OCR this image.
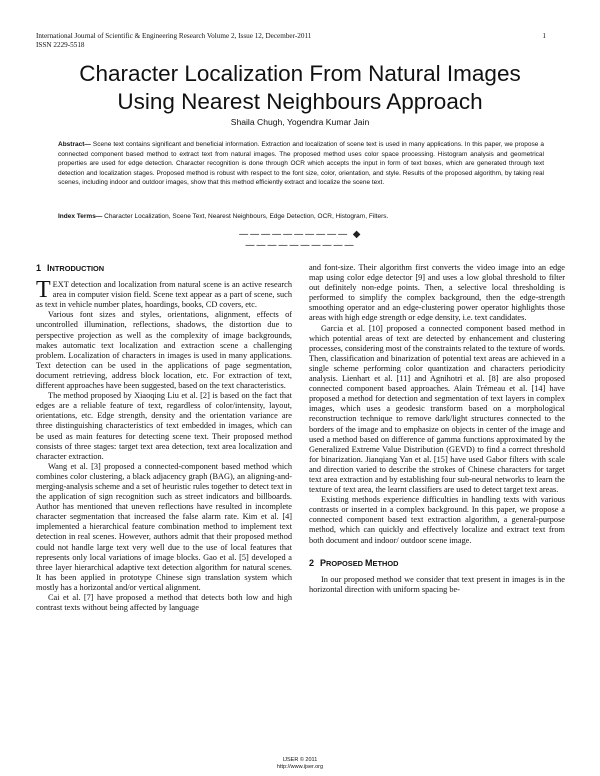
International Journal of Scientific & Engineering Research Volume 2, Issue 12, December-2011
ISSN 2229-5518
1
Character Localization From Natural Images
Using Nearest Neighbours Approach
Shaila Chugh, Yogendra Kumar Jain
Abstract— Scene text contains significant and beneficial information. Extraction and localization of scene text is used in many applications. In this paper, we propose a connected component based method to extract text from natural images. The proposed method uses color space processing. Histogram analysis and geometrical properties are used for edge detection. Character recognition is done through OCR which accepts the input in form of text boxes, which are generated through text detection and localization stages. Proposed method is robust with respect to the font size, color, orientation, and style. Results of the proposed algorithm, by taking real scenes, including indoor and outdoor images, show that this method efficiently extract and localize the scene text.
Index Terms— Character Localization, Scene Text, Nearest Neighbours, Edge Detection, OCR, Histogram, Filters.
—————————— ◆ ——————————
1 INTRODUCTION

TEXT detection and localization from natural scene is an active research area in computer vision field. Scene text appear as a part of scene, such as text in vehicle number plates, hoardings, books, CD covers, etc.

Various font sizes and styles, orientations, alignment, effects of uncontrolled illumination, reflections, shadows, the distortion due to perspective projection as well as the complexity of image backgrounds, makes automatic text localization and extraction scene a challenging problem. Localization of characters in images is used in many applications. Text detection can be used in the applications of page segmentation, document retrieving, address block location, etc. For extraction of text, different approaches have been suggested, based on the text characteristics.

The method proposed by Xiaoqing Liu et al. [2] is based on the fact that edges are a reliable feature of text, regardless of color/intensity, layout, orientations, etc. Edge strength, density and the orientation variance are three distinguishing characteristics of text embedded in images, which can be used as main features for detecting scene text. Their proposed method consists of three stages: target text area detection, text area localization and character extraction.

Wang et al. [3] proposed a connected-component based method which combines color clustering, a black adjacency graph (BAG), an aligning-and-merging-analysis scheme and a set of heuristic rules together to detect text in the application of sign recognition such as street indicators and billboards. Author has mentioned that uneven reflections have resulted in incomplete character segmentation that increased the false alarm rate. Kim et al. [4] implemented a hierarchical feature combination method to implement text detection in real scenes. However, authors admit that their proposed method could not handle large text very well due to the use of local features that represents only local variations of image blocks. Gao et al. [5] developed a three layer hierarchical adaptive text detection algorithm for natural scenes. It has been applied in prototype Chinese sign translation system which mostly has a horizontal and/or vertical alignment.

Cai et al. [7] have proposed a method that detects both low and high contrast texts without being affected by language

and font-size. Their algorithm first converts the video image into an edge map using color edge detector [9] and uses a low global threshold to filter out definitely non-edge points. Then, a selective local thresholding is performed to simplify the complex background, then the edge-strength smoothing operator and an edge-clustering power operator highlights those areas with high edge strength or edge density, i.e. text candidates.

Garcia et al. [10] proposed a connected component based method in which potential areas of text are detected by enhancement and clustering processes, considering most of the constraints related to the texture of words. Then, classification and binarization of potential text areas are achieved in a single scheme performing color quantization and characters periodicity analysis. Lienhart et al. [11] and Agnihotri et al. [8] are also proposed connected component based approaches. Alain Trémeau et al. [14] have proposed a method for detection and segmentation of text layers in complex images, which uses a geodesic transform based on a morphological reconstruction technique to remove dark/light structures connected to the borders of the image and to emphasize on objects in center of the image and used a method based on difference of gamma functions approximated by the Generalized Extreme Value Distribution (GEVD) to find a correct threshold for binarization. Jianqiang Yan et al. [15] have used Gabor filters with scale and direction varied to describe the strokes of Chinese characters for target text area extraction and by establishing four sub-neural networks to learn the texture of text area, the learnt classifiers are used to detect target text areas.

Existing methods experience difficulties in handling texts with various contrasts or inserted in a complex background. In this paper, we propose a connected component based text extraction algorithm, a general-purpose method, which can quickly and effectively localize and extract text from both document and indoor/ outdoor scene image.

2 PROPOSED METHOD

In our proposed method we consider that text present in images is in the horizontal direction with uniform spacing be-

IJSER © 2011
http://www.ijser.org
